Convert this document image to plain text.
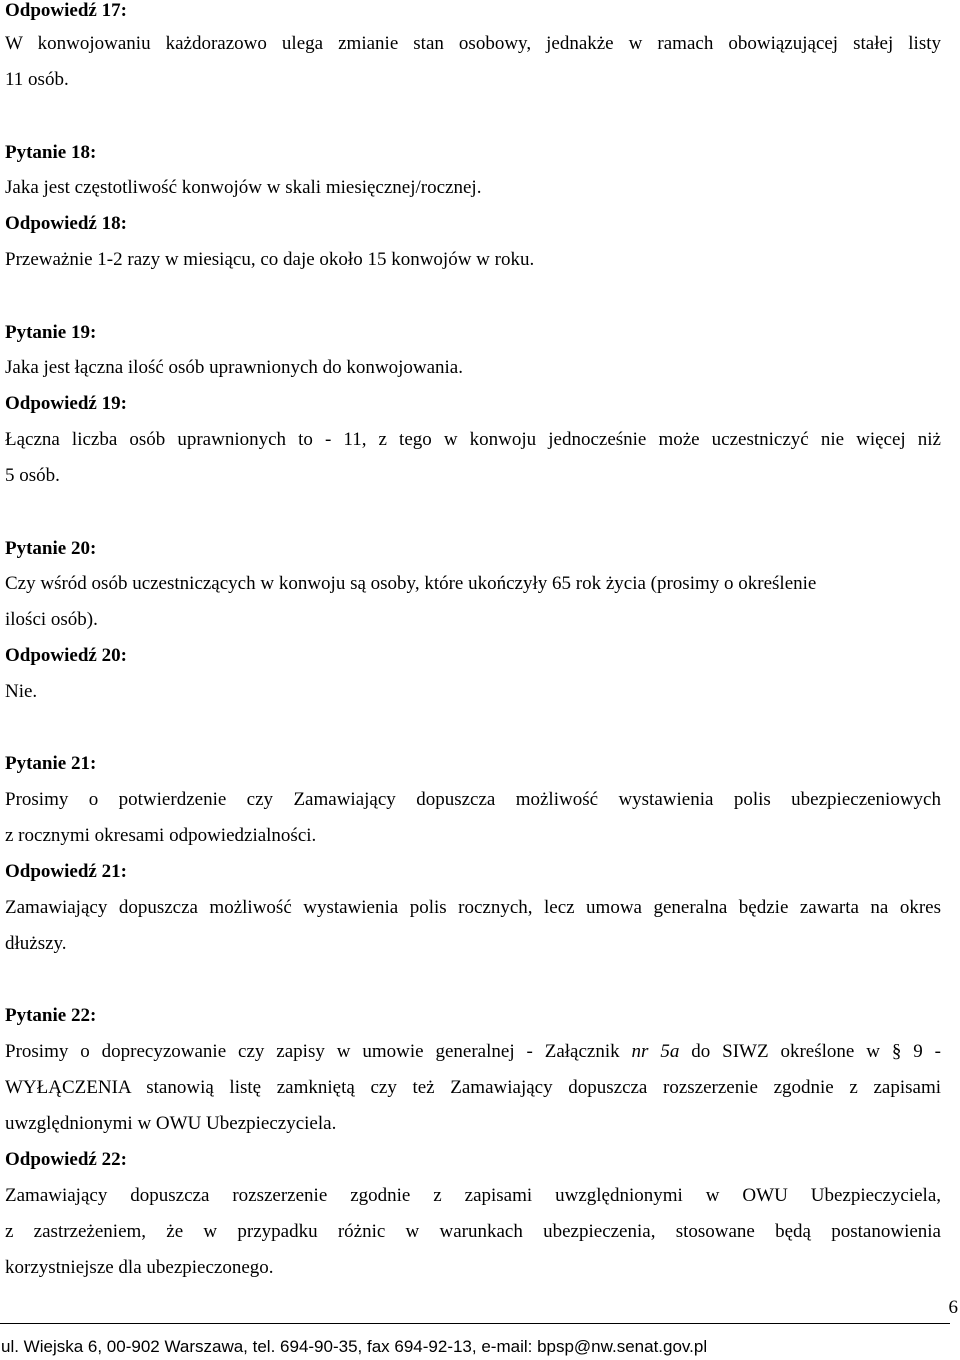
Odpowiedź 17:
W konwojowaniu każdorazowo ulega zmianie stan osobowy, jednakże w ramach obowiązującej stałej listy
11 osób.
Pytanie 18:
Jaka jest częstotliwość konwojów w skali miesięcznej/rocznej.
Odpowiedź 18:
Przeważnie 1-2 razy w miesiącu, co daje około 15 konwojów w roku.
Pytanie 19:
Jaka jest łączna ilość osób uprawnionych do konwojowania.
Odpowiedź 19:
Łączna liczba osób uprawnionych to - 11, z tego w konwoju jednocześnie może uczestniczyć nie więcej niż
5 osób.
Pytanie 20:
Czy wśród osób uczestniczących w konwoju są osoby, które ukończyły 65 rok życia (prosimy o określenie
ilości osób).
Odpowiedź 20:
Nie.
Pytanie 21:
Prosimy o potwierdzenie czy Zamawiający dopuszcza możliwość wystawienia polis ubezpieczeniowych
z rocznymi okresami odpowiedzialności.
Odpowiedź 21:
Zamawiający dopuszcza możliwość wystawienia polis rocznych, lecz umowa generalna będzie zawarta na okres
dłuższy.
Pytanie 22:
Prosimy o doprecyzowanie czy zapisy w umowie generalnej - Załącznik nr 5a do SIWZ określone w § 9 -
WYŁĄCZENIA stanowią listę zamkniętą czy też Zamawiający dopuszcza rozszerzenie zgodnie z zapisami
uwzględnionymi w OWU Ubezpieczyciela.
Odpowiedź 22:
Zamawiający dopuszcza rozszerzenie zgodnie z zapisami uwzględnionymi w OWU Ubezpieczyciela,
z zastrzeżeniem, że w przypadku różnic w warunkach ubezpieczenia, stosowane będą postanowienia
korzystniejsze dla ubezpieczonego.
6
ul. Wiejska 6, 00-902 Warszawa, tel. 694-90-35, fax 694-92-13, e-mail: bpsp@nw.senat.gov.pl
